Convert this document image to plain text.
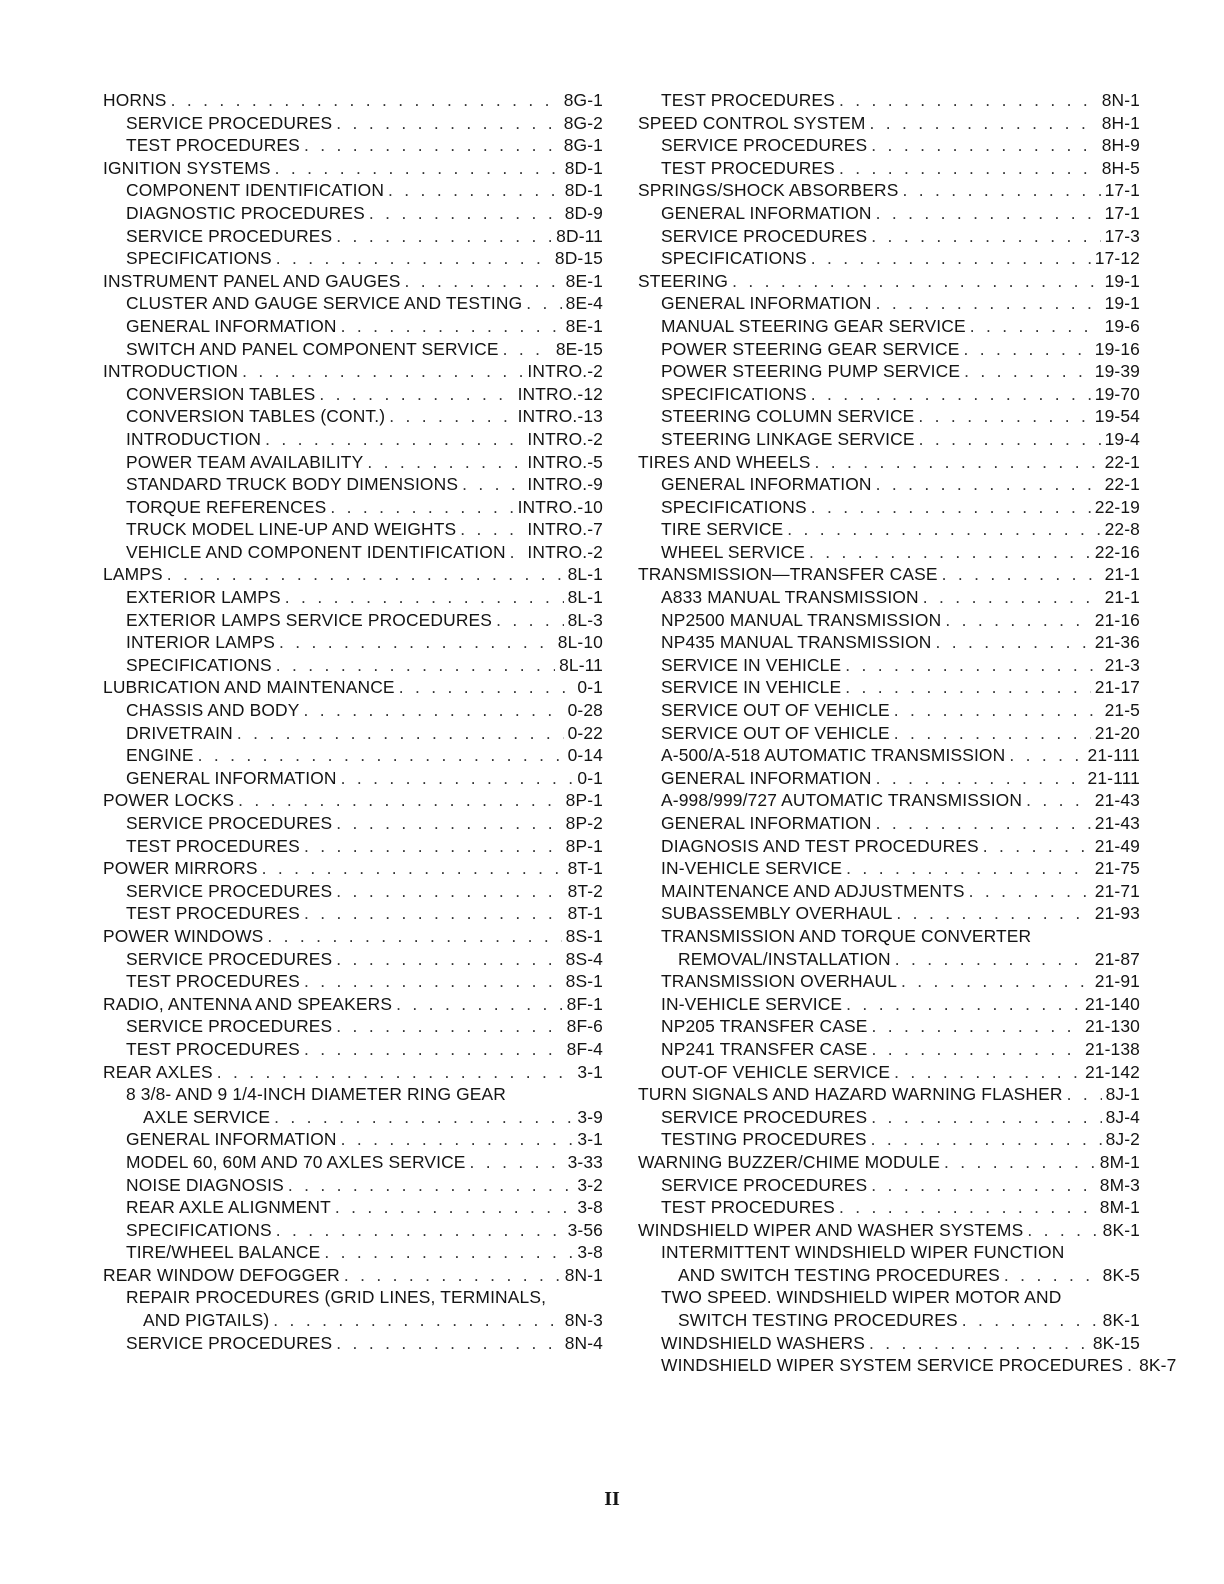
HORNS . . .	8G-1
SERVICE PROCEDURES . . .	8G-2
TEST PROCEDURES . . .	8G-1
IGNITION SYSTEMS . . .	8D-1
COMPONENT IDENTIFICATION . . .	8D-1
DIAGNOSTIC PROCEDURES . . .	8D-9
SERVICE PROCEDURES . . .	8D-11
SPECIFICATIONS . . .	8D-15
INSTRUMENT PANEL AND GAUGES . . .	8E-1
CLUSTER AND GAUGE SERVICE AND TESTING . . . 8E-4
GENERAL INFORMATION . . .	8E-1
SWITCH AND PANEL COMPONENT SERVICE . . .	8E-15
INTRODUCTION . . .	INTRO.-2
CONVERSION TABLES . . .	INTRO.-12
CONVERSION TABLES (CONT.) . . .	INTRO.-13
INTRODUCTION . . .	INTRO.-2
POWER TEAM AVAILABILITY . . .	INTRO.-5
STANDARD TRUCK BODY DIMENSIONS . . .	INTRO.-9
TORQUE REFERENCES . . .	INTRO.-10
TRUCK MODEL LINE-UP AND WEIGHTS . . .	INTRO.-7
VEHICLE AND COMPONENT IDENTIFICATION . . . INTRO.-2
LAMPS . . .	8L-1
EXTERIOR LAMPS . . .	8L-1
EXTERIOR LAMPS SERVICE PROCEDURES . . .	8L-3
INTERIOR LAMPS . . .	8L-10
SPECIFICATIONS . . .	8L-11
LUBRICATION AND MAINTENANCE . . .	0-1
CHASSIS AND BODY . . .	0-28
DRIVETRAIN . . .	0-22
ENGINE . . .	0-14
GENERAL INFORMATION . . .	0-1
POWER LOCKS . . .	8P-1
SERVICE PROCEDURES . . .	8P-2
TEST PROCEDURES . . .	8P-1
POWER MIRRORS . . .	8T-1
SERVICE PROCEDURES . . .	8T-2
TEST PROCEDURES . . .	8T-1
POWER WINDOWS . . .	8S-1
SERVICE PROCEDURES . . .	8S-4
TEST PROCEDURES . . .	8S-1
RADIO, ANTENNA AND SPEAKERS . . .	8F-1
SERVICE PROCEDURES . . .	8F-6
TEST PROCEDURES . . .	8F-4
REAR AXLES . . .	3-1
8 3/8- AND 9 1/4-INCH DIAMETER RING GEAR
AXLE SERVICE . . .	3-9
GENERAL INFORMATION . . .	3-1
MODEL 60, 60M AND 70 AXLES SERVICE . . .	3-33
NOISE DIAGNOSIS . . .	3-2
REAR AXLE ALIGNMENT . . .	3-8
SPECIFICATIONS . . .	3-56
TIRE/WHEEL BALANCE . . .	3-8
REAR WINDOW DEFOGGER . . .	8N-1
REPAIR PROCEDURES (GRID LINES, TERMINALS,
AND PIGTAILS) . . .	8N-3
SERVICE PROCEDURES . . .	8N-4
TEST PROCEDURES . . .	8N-1
SPEED CONTROL SYSTEM . . .	8H-1
SERVICE PROCEDURES . . .	8H-9
TEST PROCEDURES . . .	8H-5
SPRINGS/SHOCK ABSORBERS . . .	17-1
GENERAL INFORMATION . . .	17-1
SERVICE PROCEDURES . . .	17-3
SPECIFICATIONS . . .	17-12
STEERING . . .	19-1
GENERAL INFORMATION . . .	19-1
MANUAL STEERING GEAR SERVICE . . .	19-6
POWER STEERING GEAR SERVICE . . .	19-16
POWER STEERING PUMP SERVICE . . .	19-39
SPECIFICATIONS . . .	19-70
STEERING COLUMN SERVICE . . .	19-54
STEERING LINKAGE SERVICE . . .	19-4
TIRES AND WHEELS . . .	22-1
GENERAL INFORMATION . . .	22-1
SPECIFICATIONS . . .	22-19
TIRE SERVICE . . .	22-8
WHEEL SERVICE . . .	22-16
TRANSMISSION—TRANSFER CASE . . .	21-1
A833 MANUAL TRANSMISSION . . .	21-1
NP2500 MANUAL TRANSMISSION . . .	21-16
NP435 MANUAL TRANSMISSION . . .	21-36
SERVICE IN VEHICLE . . .	21-3
SERVICE IN VEHICLE . . .	21-17
SERVICE OUT OF VEHICLE . . .	21-5
SERVICE OUT OF VEHICLE . . .	21-20
A-500/A-518 AUTOMATIC TRANSMISSION . . .	21-111
GENERAL INFORMATION . . .	21-111
A-998/999/727 AUTOMATIC TRANSMISSION . . .	21-43
GENERAL INFORMATION . . .	21-43
DIAGNOSIS AND TEST PROCEDURES . . .	21-49
IN-VEHICLE SERVICE . . .	21-75
MAINTENANCE AND ADJUSTMENTS . . .	21-71
SUBASSEMBLY OVERHAUL . . .	21-93
TRANSMISSION AND TORQUE CONVERTER
REMOVAL/INSTALLATION . . .	21-87
TRANSMISSION OVERHAUL . . .	21-91
IN-VEHICLE SERVICE . . .	21-140
NP205 TRANSFER CASE . . .	21-130
NP241 TRANSFER CASE . . .	21-138
OUT-OF VEHICLE SERVICE . . .	21-142
TURN SIGNALS AND HAZARD WARNING FLASHER . . . 8J-1
SERVICE PROCEDURES . . .	8J-4
TESTING PROCEDURES . . .	8J-2
WARNING BUZZER/CHIME MODULE . . .	8M-1
SERVICE PROCEDURES . . .	8M-3
TEST PROCEDURES . . .	8M-1
WINDSHIELD WIPER AND WASHER SYSTEMS . . .	8K-1
INTERMITTENT WINDSHIELD WIPER FUNCTION
AND SWITCH TESTING PROCEDURES . . .	8K-5
TWO SPEED. WINDSHIELD WIPER MOTOR AND
SWITCH TESTING PROCEDURES . . .	8K-1
WINDSHIELD WASHERS . . .	8K-15
WINDSHIELD WIPER SYSTEM SERVICE PROCEDURES . . . 8K-7
II
